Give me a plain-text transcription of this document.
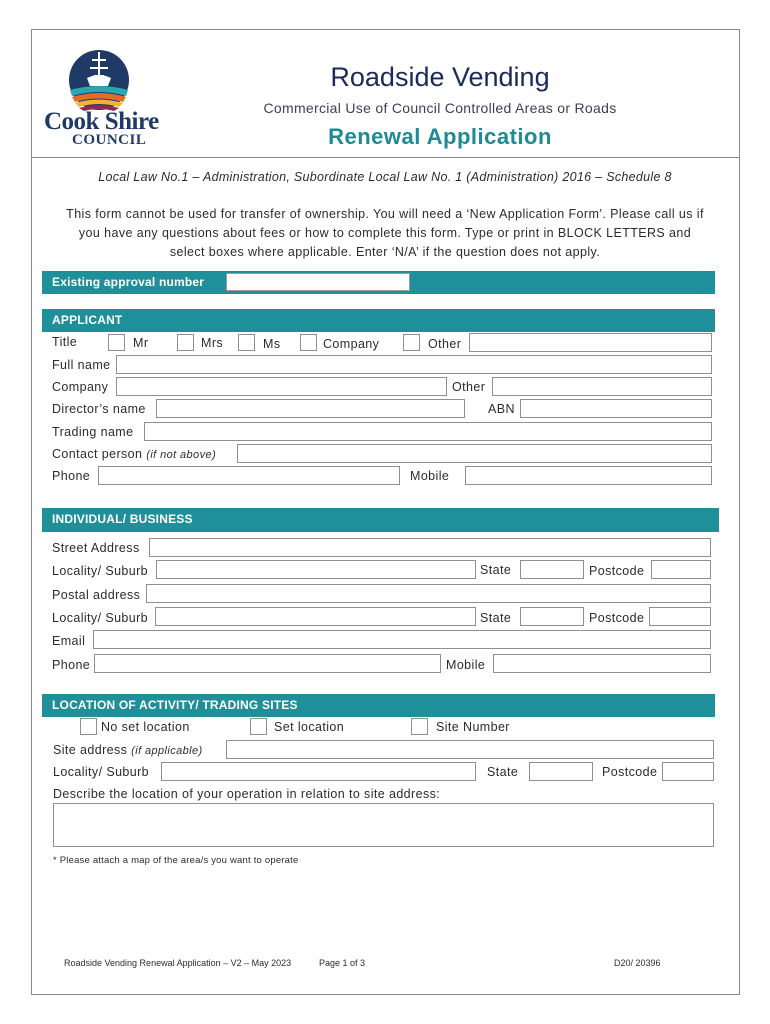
Cook Shire
COUNCIL
Roadside Vending
Commercial Use of Council Controlled Areas or Roads
Renewal Application
Local Law No.1 – Administration, Subordinate Local Law No. 1 (Administration) 2016 – Schedule 8
This form cannot be used for transfer of ownership. You will need a ‘New Application Form’. Please call us if you have any questions about fees or how to complete this form. Type or print in BLOCK LETTERS and select boxes where applicable. Enter ‘N/A’ if the question does not apply.
Existing approval number
APPLICANT
Title	Mr	Mrs	Ms	Company	Other
Full name
Company	Other
Director’s name	ABN
Trading name
Contact person (if not above)
Phone	Mobile
INDIVIDUAL/ BUSINESS
Street Address
Locality/ Suburb	State	Postcode
Postal address
Locality/ Suburb	State	Postcode
Email
Phone	Mobile
LOCATION OF ACTIVITY/ TRADING SITES
No set location	Set location	Site Number
Site address (if applicable)
Locality/ Suburb	State	Postcode
Describe the location of your operation in relation to site address:
* Please attach a map of the area/s you want to operate
Roadside Vending Renewal Application – V2 – May 2023	Page 1 of 3	D20/ 20396
